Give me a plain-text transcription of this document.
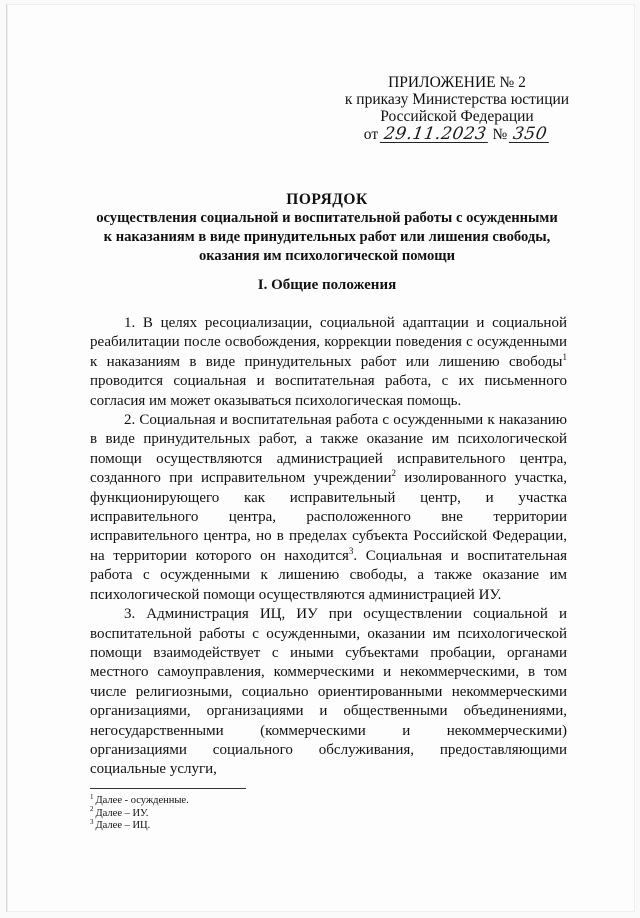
ПРИЛОЖЕНИЕ № 2
к приказу Министерства юстиции
Российской Федерации
от 29.11.2023 № 350
ПОРЯДОК
осуществления социальной и воспитательной работы с осужденными
к наказаниям в виде принудительных работ или лишения свободы,
оказания им психологической помощи
I. Общие положения

1. В целях ресоциализации, социальной адаптации и социальной реабилитации после освобождения, коррекции поведения с осужденными к наказаниям в виде принудительных работ или лишению свободы$^1$ проводится социальная и воспитательная работа, с их письменного согласия им может оказываться психологическая помощь.

2. Социальная и воспитательная работа с осужденными к наказанию в виде принудительных работ, а также оказание им психологической помощи осуществляются администрацией исправительного центра, созданного при исправительном учреждении$^2$ изолированного участка, функционирующего как исправительный центр, и участка исправительного центра, расположенного вне территории исправительного центра, но в пределах субъекта Российской Федерации, на территории которого он находится$^3$. Социальная и воспитательная работа с осужденными к лишению свободы, а также оказание им психологической помощи осуществляются администрацией ИУ.

3. Администрация ИЦ, ИУ при осуществлении социальной и воспитательной работы с осужденными, оказании им психологической помощи взаимодействует с иными субъектами пробации, органами местного самоуправления, коммерческими и некоммерческими, в том числе религиозными, социально ориентированными некоммерческими организациями, организациями и общественными объединениями, негосударственными (коммерческими и некоммерческими) организациями социального обслуживания, предоставляющими социальные услуги,

$^1$ Далее - осужденные.
$^2$ Далее – ИУ.
$^3$ Далее – ИЦ.
